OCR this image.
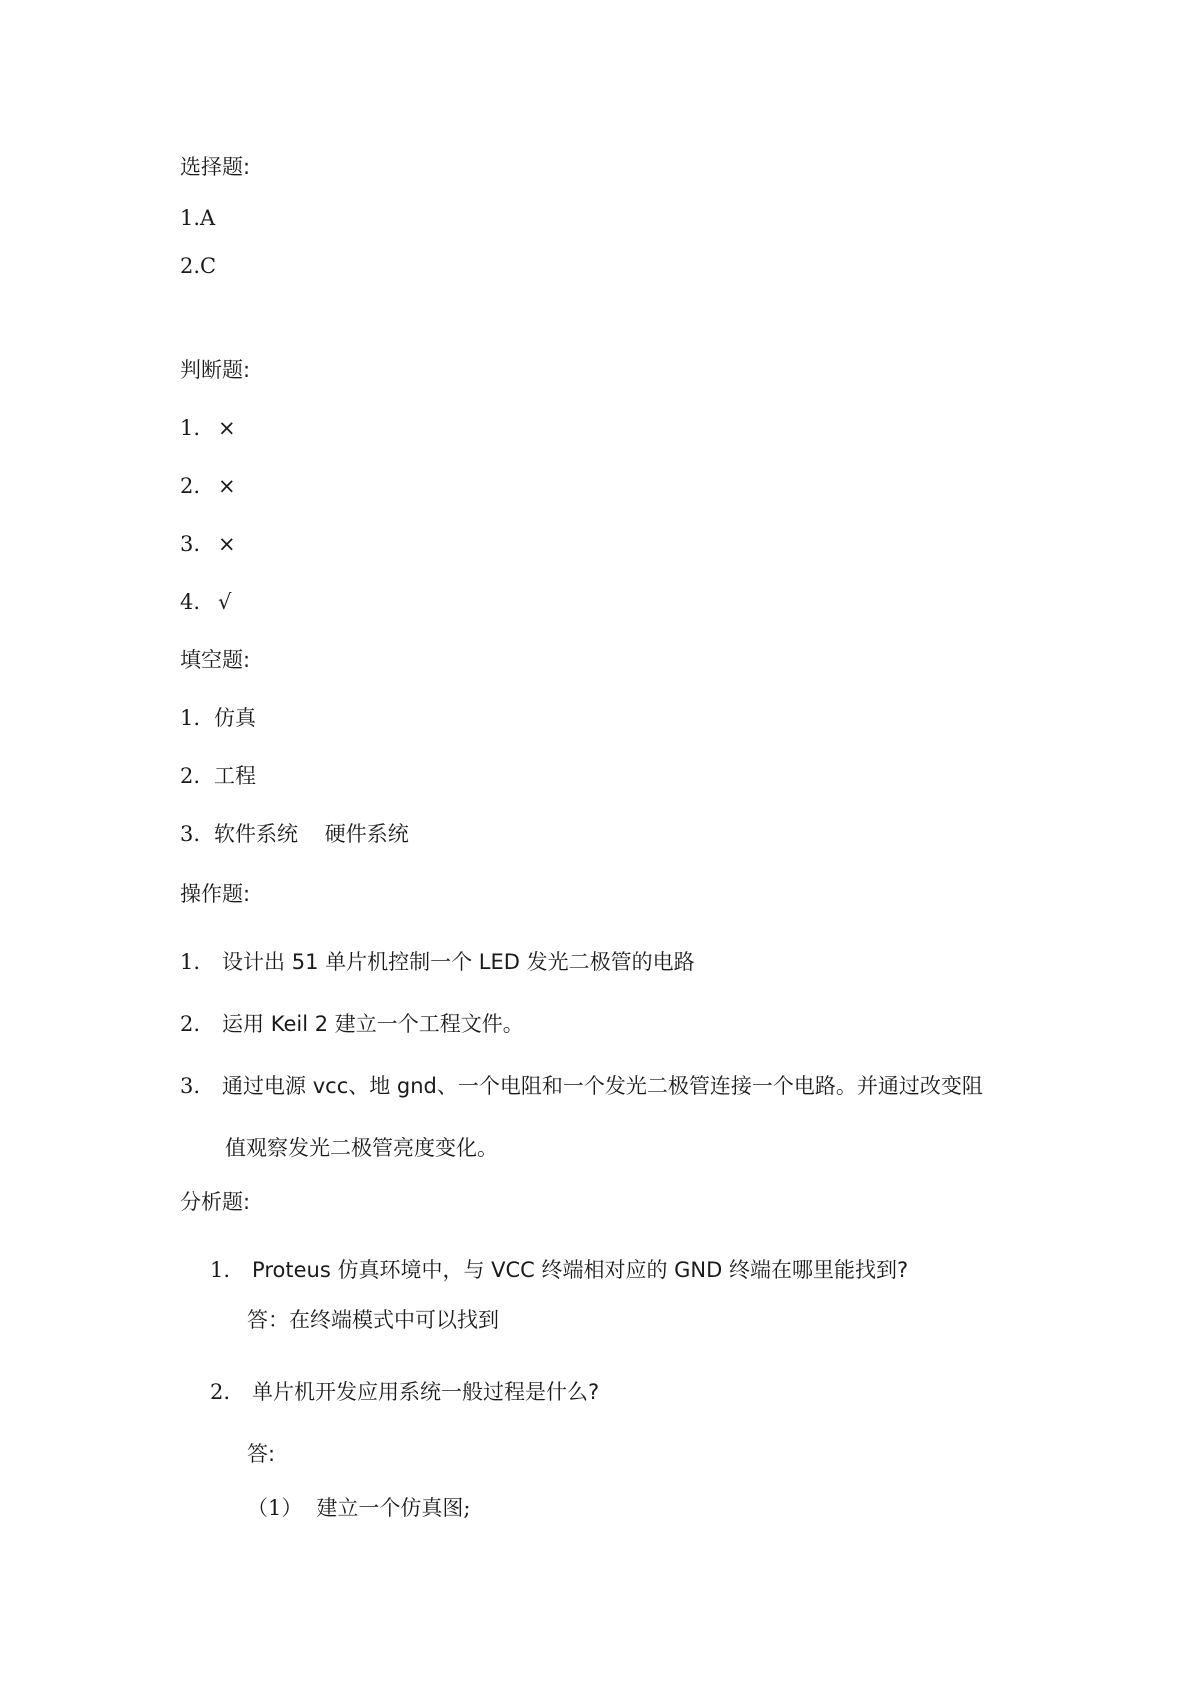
选择题:
1.A
2.C
判断题:
1. ×
2. ×
3. ×
4. √
填空题:
1. 仿真
2. 工程
3. 软件系统    硬件系统
操作题:
1. 设计出 51 单片机控制一个 LED 发光二极管的电路
2. 运用 Keil 2 建立一个工程文件。
3. 通过电源 vcc、地 gnd、一个电阻和一个发光二极管连接一个电路。并通过改变阻
值观察发光二极管亮度变化。
分析题:
1. Proteus 仿真环境中，与 VCC 终端相对应的 GND 终端在哪里能找到?
答：在终端模式中可以找到
2. 单片机开发应用系统一般过程是什么?
答:
（1） 建立一个仿真图;
